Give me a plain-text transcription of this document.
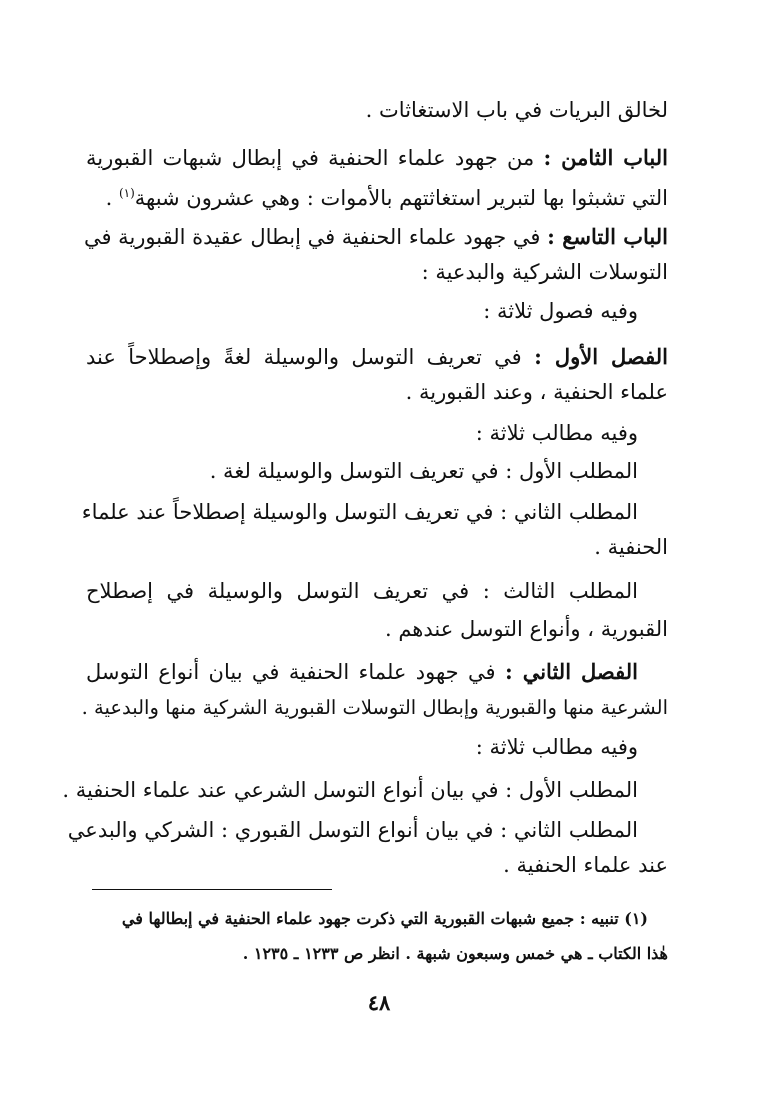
لخالق البريات في باب الاستغاثات .
الباب الثامن : من جهود علماء الحنفية في إبطال شبهات القبورية
التي تشبثوا بها لتبرير استغاثتهم بالأموات : وهي عشرون شبهة$^{(١)}$ .
الباب التاسع : في جهود علماء الحنفية في إبطال عقيدة القبورية في
التوسلات الشركية والبدعية :
وفيه فصول ثلاثة :
الفصل الأول : في تعريف التوسل والوسيلة لغةً وإصطلاحاً عند
علماء الحنفية ، وعند القبورية .
وفيه مطالب ثلاثة :
المطلب الأول : في تعريف التوسل والوسيلة لغة .
المطلب الثاني : في تعريف التوسل والوسيلة إصطلاحاً عند علماء
الحنفية .
المطلب الثالث : في تعريف التوسل والوسيلة في إصطلاح
القبورية ، وأنواع التوسل عندهم .
الفصل الثاني : في جهود علماء الحنفية في بيان أنواع التوسل
الشرعية منها والقبورية وإبطال التوسلات القبورية الشركية منها والبدعية .
وفيه مطالب ثلاثة :
المطلب الأول : في بيان أنواع التوسل الشرعي عند علماء الحنفية .
المطلب الثاني : في بيان أنواع التوسل القبوري : الشركي والبدعي
عند علماء الحنفية .
(١) تنبيه : جميع شبهات القبورية التي ذكرت جهود علماء الحنفية في إبطالها في
هٰذا الكتاب ـ هي خمس وسبعون شبهة . انظر ص ١٢٣٣ ـ ١٢٣٥ .
٤٨
